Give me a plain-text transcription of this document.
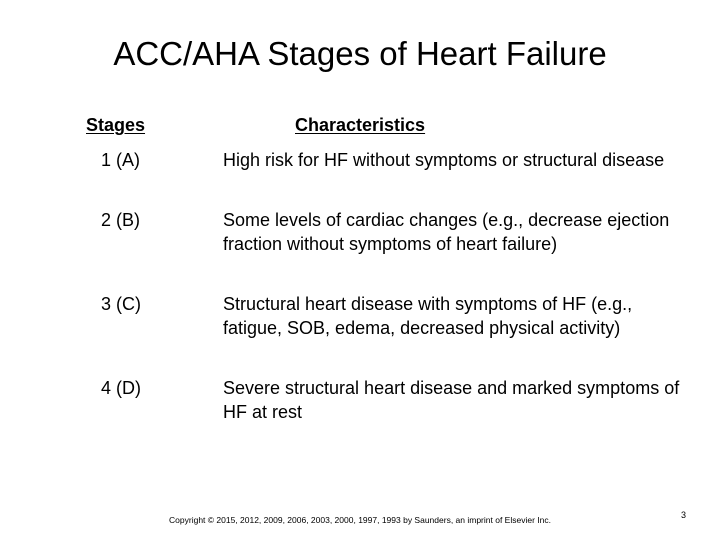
ACC/AHA Stages of Heart Failure
Stages	Characteristics
1 (A)	High risk for HF without symptoms or structural disease
2 (B)	Some levels of cardiac changes (e.g., decrease ejection fraction without symptoms of heart failure)
3 (C)	Structural heart disease with symptoms of HF (e.g., fatigue, SOB, edema, decreased physical activity)
4 (D)	Severe structural heart disease and marked symptoms of HF at rest
Copyright © 2015, 2012, 2009, 2006, 2003, 2000, 1997, 1993 by Saunders, an imprint of Elsevier Inc.	3
